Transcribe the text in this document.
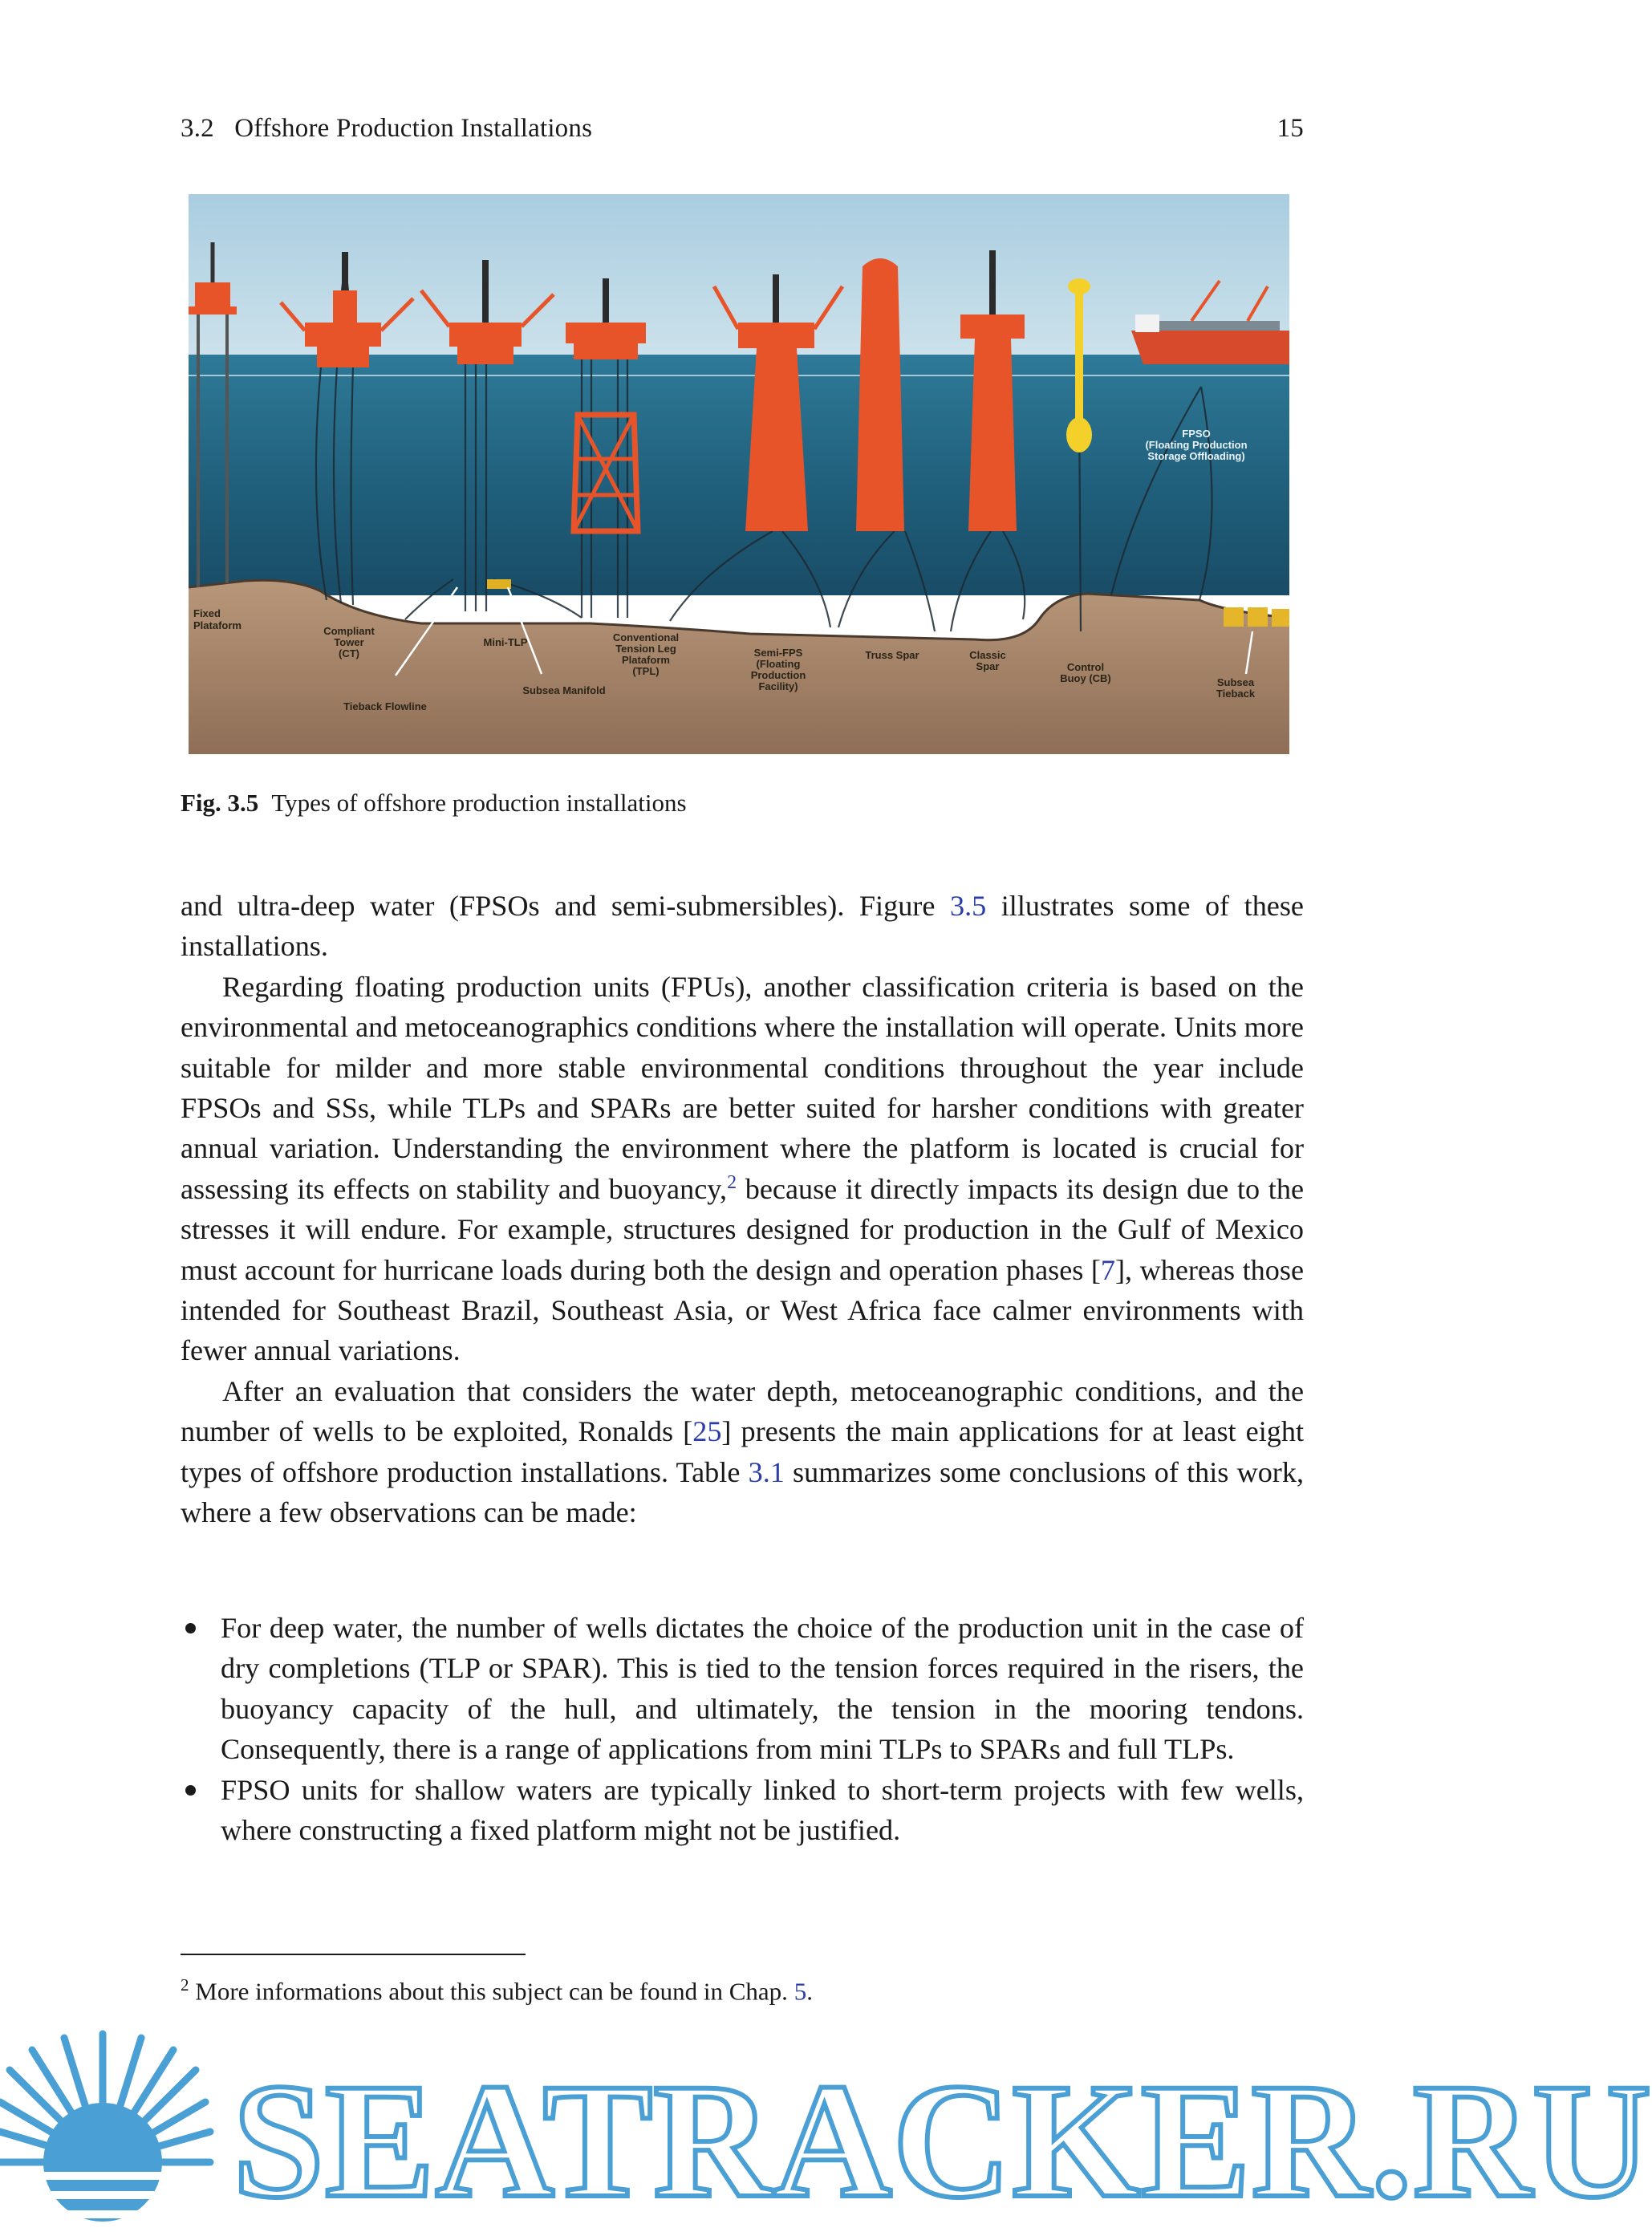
3.2   Offshore Production Installations	15
Fixed Plataform	Compliant Tower (CT)
Mini-TLP	Conventional Tension Leg Plataform (TPL)
Semi-FPS (Floating Production Facility)
Truss Spar	Classic Spar	Control Buoy (CB)	Subsea Tieback
Tieback Flowline
Subsea Manifold
FPSO (Floating Production Storage Offloading)
Fig. 3.5 Types of offshore production installations

and ultra-deep water (FPSOs and semi-submersibles). Figure 3.5 illustrates some of these installations.

Regarding floating production units (FPUs), another classification criteria is based on the environmental and metoceanographics conditions where the installation will operate. Units more suitable for milder and more stable environmental conditions throughout the year include FPSOs and SSs, while TLPs and SPARs are better suited for harsher conditions with greater annual variation. Understanding the environment where the platform is located is crucial for assessing its effects on stability and buoyancy,$^2$ because it directly impacts its design due to the stresses it will endure. For example, structures designed for production in the Gulf of Mexico must account for hurricane loads during both the design and operation phases [7], whereas those intended for Southeast Brazil, Southeast Asia, or West Africa face calmer environments with fewer annual variations.

After an evaluation that considers the water depth, metoceanographic conditions, and the number of wells to be exploited, Ronalds [25] presents the main applications for at least eight types of offshore production installations. Table 3.1 summarizes some conclusions of this work, where a few observations can be made:

For deep water, the number of wells dictates the choice of the production unit in the case of dry completions (TLP or SPAR). This is tied to the tension forces required in the risers, the buoyancy capacity of the hull, and ultimately, the tension in the mooring tendons. Consequently, there is a range of applications from mini TLPs to SPARs and full TLPs.
FPSO units for shallow waters are typically linked to short-term projects with few wells, where constructing a fixed platform might not be justified.
$^2$ More informations about this subject can be found in Chap. 5.
SEATRACKER.RU
